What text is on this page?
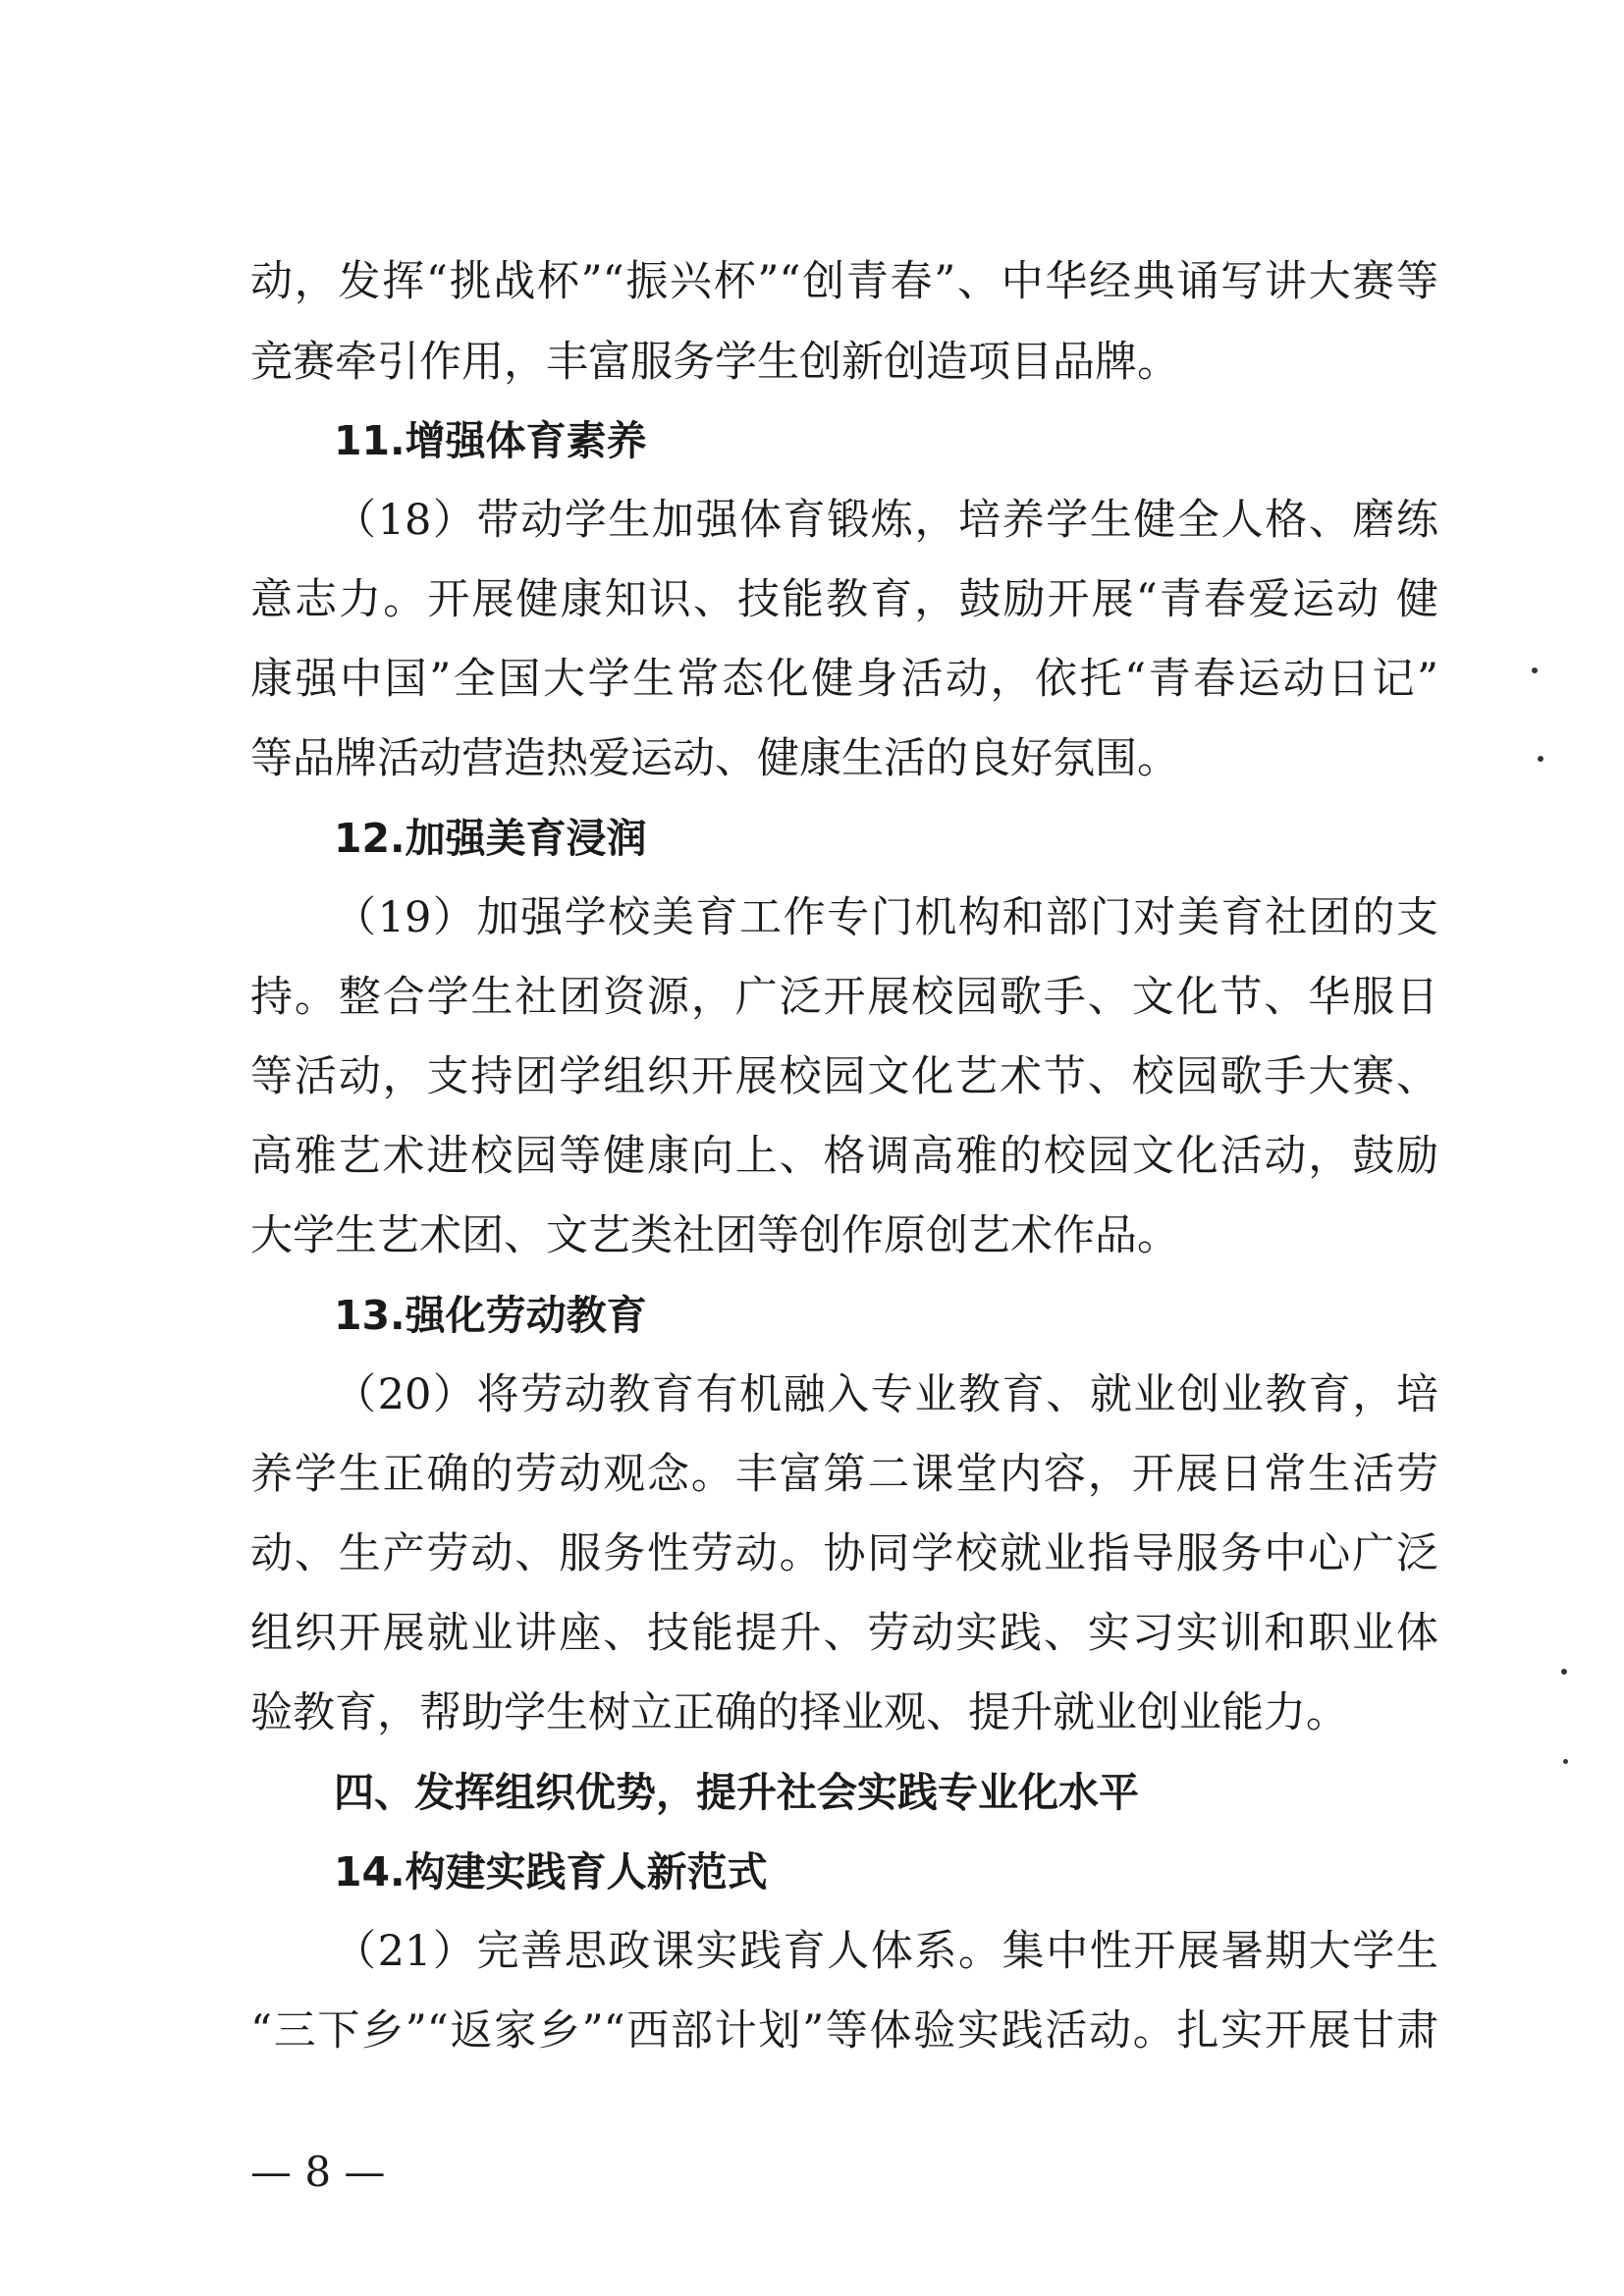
动，发挥“挑战杯”“振兴杯”“创青春”、中华经典诵写讲大赛等

竞赛牵引作用，丰富服务学生创新创造项目品牌。

11.增强体育素养

（18）带动学生加强体育锻炼，培养学生健全人格、磨练

意志力。开展健康知识、技能教育，鼓励开展“青春爱运动 健

康强中国”全国大学生常态化健身活动，依托“青春运动日记”

等品牌活动营造热爱运动、健康生活的良好氛围。

12.加强美育浸润

（19）加强学校美育工作专门机构和部门对美育社团的支

持。整合学生社团资源，广泛开展校园歌手、文化节、华服日

等活动，支持团学组织开展校园文化艺术节、校园歌手大赛、

高雅艺术进校园等健康向上、格调高雅的校园文化活动，鼓励

大学生艺术团、文艺类社团等创作原创艺术作品。

13.强化劳动教育

（20）将劳动教育有机融入专业教育、就业创业教育，培

养学生正确的劳动观念。丰富第二课堂内容，开展日常生活劳

动、生产劳动、服务性劳动。协同学校就业指导服务中心广泛

组织开展就业讲座、技能提升、劳动实践、实习实训和职业体

验教育，帮助学生树立正确的择业观、提升就业创业能力。

四、发挥组织优势，提升社会实践专业化水平

14.构建实践育人新范式

（21）完善思政课实践育人体系。集中性开展暑期大学生

“三下乡”“返家乡”“西部计划”等体验实践活动。扎实开展甘肃

— 8 —
